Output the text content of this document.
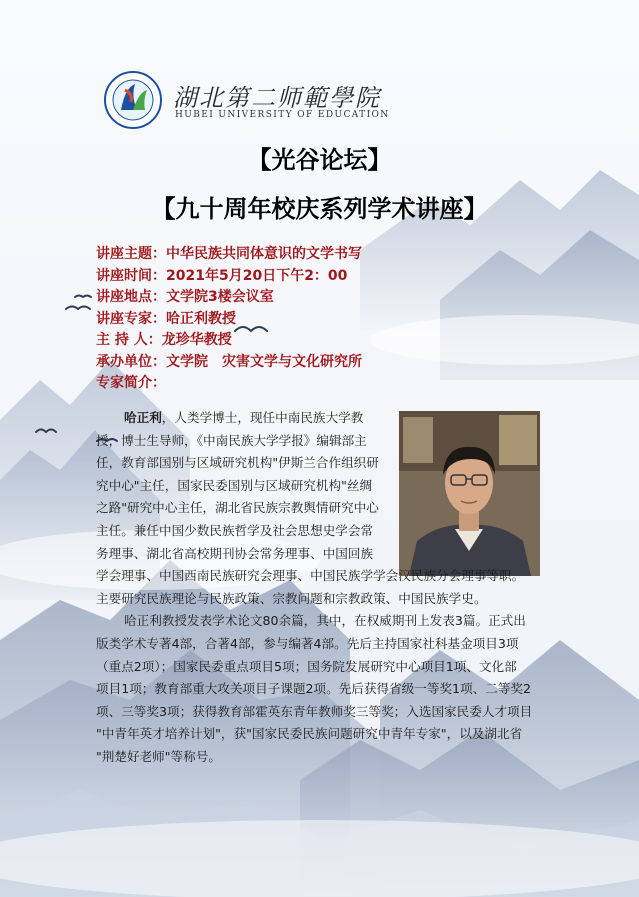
湖北第二师範學院
HUBEI UNIVERSITY OF EDUCATION
【光谷论坛】
【九十周年校庆系列学术讲座】
讲座主题：中华民族共同体意识的文学书写
讲座时间：2021年5月20日下午2：00
讲座地点：文学院3楼会议室
讲座专家：哈正利教授
主 持 人：龙珍华教授
承办单位：文学院　灾害文学与文化研究所
专家简介：
哈正利，人类学博士，现任中南民族大学教
授，博士生导师，《中南民族大学学报》编辑部主
任，教育部国别与区域研究机构"伊斯兰合作组织研
究中心"主任，国家民委国别与区域研究机构"丝绸
之路"研究中心主任，湖北省民族宗教舆情研究中心
主任。兼任中国少数民族哲学及社会思想史学会常
务理事、湖北省高校期刊协会常务理事、中国回族
学会理事、中国西南民族研究会理事、中国民族学学会汉民族分会理事等职。
主要研究民族理论与民族政策、宗教问题和宗教政策、中国民族学史。
哈正利教授发表学术论文80余篇，其中，在权威期刊上发表3篇。正式出
版类学术专著4部，合著4部，参与编著4部。先后主持国家社科基金项目3项
（重点2项）；国家民委重点项目5项；国务院发展研究中心项目1项、文化部
项目1项；教育部重大攻关项目子课题2项。先后获得省级一等奖1项、二等奖2
项、三等奖3项；获得教育部霍英东青年教师奖三等奖；入选国家民委人才项目
"中青年英才培养计划"，获"国家民委民族问题研究中青年专家"，以及湖北省
"荆楚好老师"等称号。
